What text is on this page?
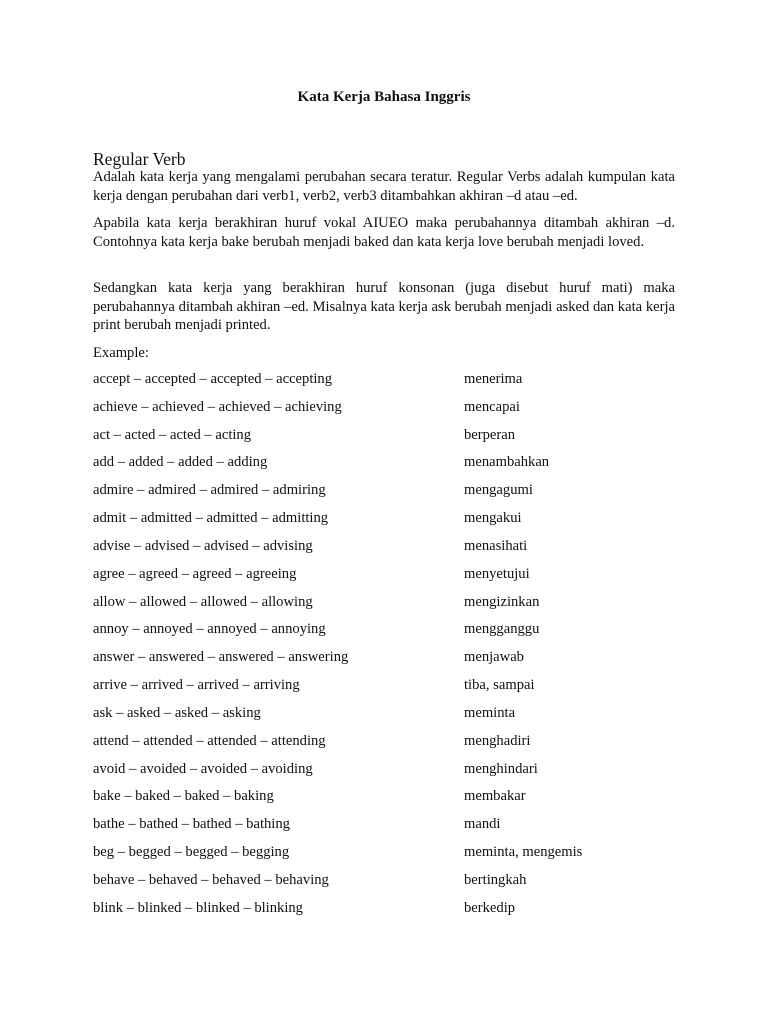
Kata Kerja Bahasa Inggris
Regular Verb

Adalah kata kerja yang mengalami perubahan secara teratur. Regular Verbs adalah kumpulan kata kerja dengan perubahan dari verb1, verb2, verb3 ditambahkan akhiran –d atau –ed.

Apabila kata kerja berakhiran huruf vokal AIUEO maka perubahannya ditambah akhiran –d. Contohnya kata kerja bake berubah menjadi baked dan kata kerja love berubah menjadi loved.

Sedangkan kata kerja yang berakhiran huruf konsonan (juga disebut huruf mati) maka perubahannya ditambah akhiran –ed. Misalnya kata kerja ask berubah menjadi asked dan kata kerja print berubah menjadi printed.

Example:
accept – accepted – accepted – accepting	menerima
achieve – achieved – achieved – achieving	mencapai
act – acted – acted – acting	berperan
add – added – added – adding	menambahkan
admire – admired – admired – admiring	mengagumi
admit – admitted – admitted – admitting	mengakui
advise – advised – advised – advising	menasihati
agree – agreed – agreed – agreeing	menyetujui
allow – allowed – allowed – allowing	mengizinkan
annoy – annoyed – annoyed – annoying	mengganggu
answer – answered – answered – answering	menjawab
arrive – arrived – arrived – arriving	tiba, sampai
ask – asked – asked – asking	meminta
attend – attended – attended – attending	menghadiri
avoid – avoided – avoided – avoiding	menghindari
bake – baked – baked – baking	membakar
bathe – bathed – bathed – bathing	mandi
beg – begged – begged – begging	meminta, mengemis
behave – behaved – behaved – behaving	bertingkah
blink – blinked – blinked – blinking	berkedip
